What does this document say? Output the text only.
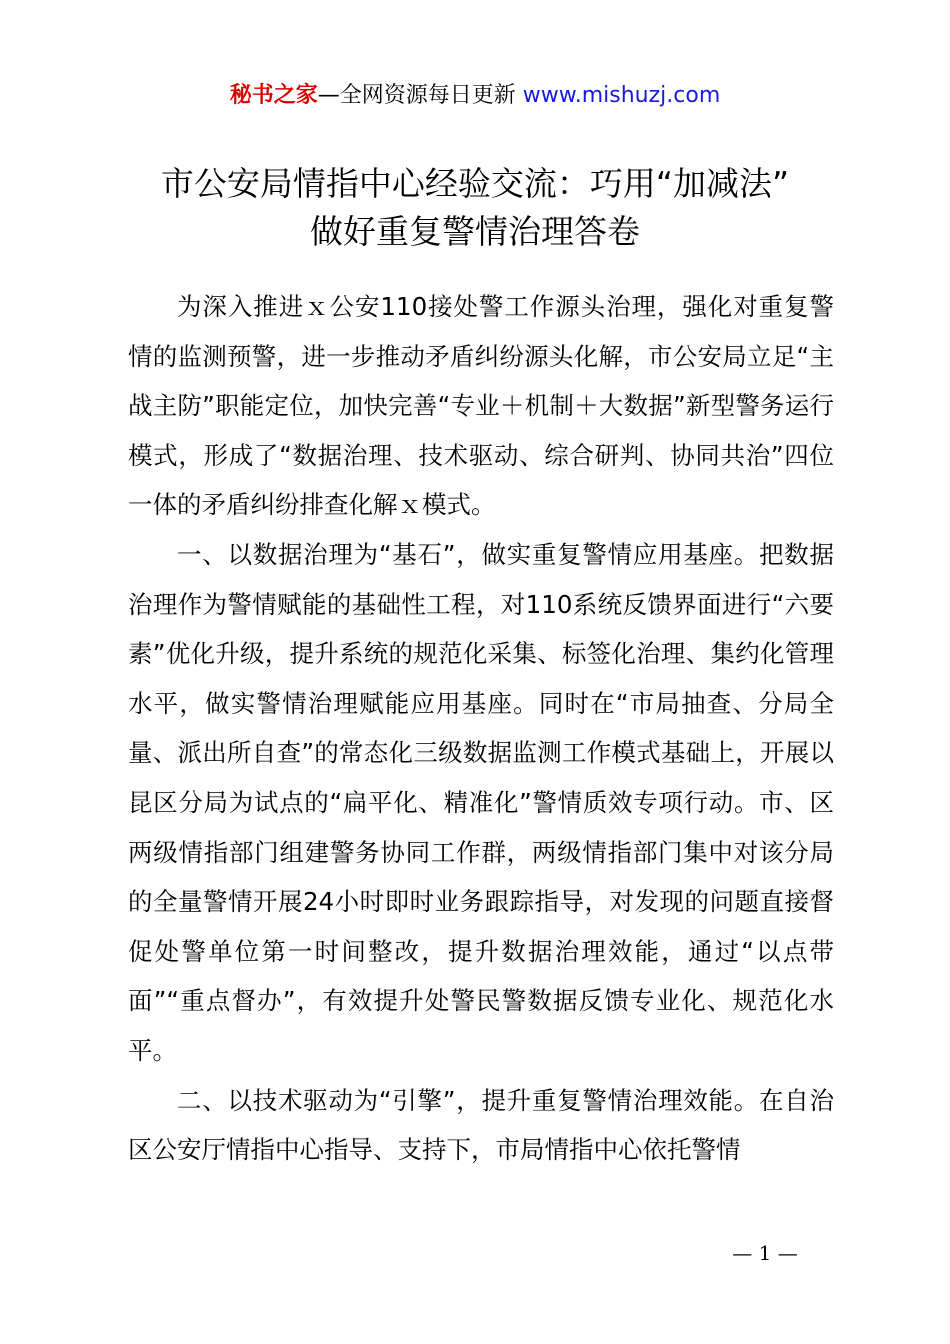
秘书之家—全网资源每日更新 www.mishuzj.com
市公安局情指中心经验交流：巧用“加减法”
做好重复警情治理答卷

为深入推进ｘ公安110接处警工作源头治理，强化对重复警情的监测预警，进一步推动矛盾纠纷源头化解，市公安局立足“主战主防”职能定位，加快完善“专业＋机制＋大数据”新型警务运行模式，形成了“数据治理、技术驱动、综合研判、协同共治”四位一体的矛盾纠纷排查化解ｘ模式。

一、以数据治理为“基石”，做实重复警情应用基座。把数据治理作为警情赋能的基础性工程，对110系统反馈界面进行“六要素”优化升级，提升系统的规范化采集、标签化治理、集约化管理水平，做实警情治理赋能应用基座。同时在“市局抽查、分局全量、派出所自查”的常态化三级数据监测工作模式基础上，开展以昆区分局为试点的“扁平化、精准化”警情质效专项行动。市、区两级情指部门组建警务协同工作群，两级情指部门集中对该分局的全量警情开展24小时即时业务跟踪指导，对发现的问题直接督促处警单位第一时间整改，提升数据治理效能，通过“以点带面”“重点督办”，有效提升处警民警数据反馈专业化、规范化水平。

二、以技术驱动为“引擎”，提升重复警情治理效能。在自治区公安厅情指中心指导、支持下，市局情指中心依托警情

— 1 —
